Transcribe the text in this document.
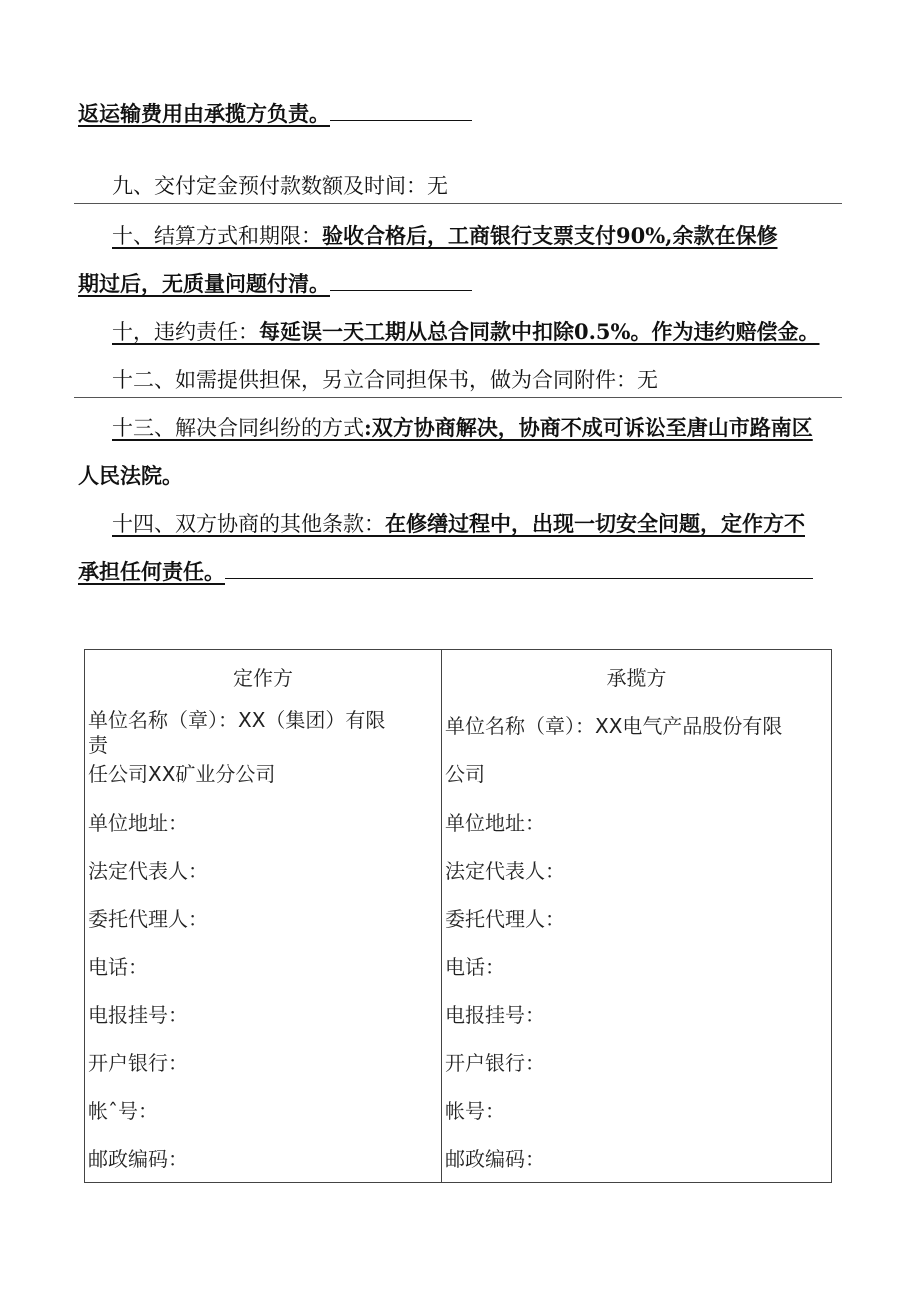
返运输费用由承揽方负责。
九、交付定金预付款数额及时间：无
十、结算方式和期限：验收合格后，工商银行支票支付90%,余款在保修
期过后，无质量问题付清。
十，违约责任：每延误一天工期从总合同款中扣除0.5%。作为违约赔偿金。
十二、如需提供担保，另立合同担保书，做为合同附件：无
十三、解决合同纠纷的方式:双方协商解决，协商不成可诉讼至唐山市路南区
人民法院。
十四、双方协商的其他条款：在修缮过程中，出现一切安全问题，定作方不
承担任何责任。
定作方
单位名称（章）：XX（集团）有限
责
任公司XX矿业分公司
单位地址：
法定代表人：
委托代理人：
电话：
电报挂号：
开户银行：
帐ˆ号：
邮政编码：

承揽方
单位名称（章）：XX电气产品股份有限
公司
单位地址：
法定代表人：
委托代理人：
电话：
电报挂号：
开户银行：
帐号：
邮政编码：
